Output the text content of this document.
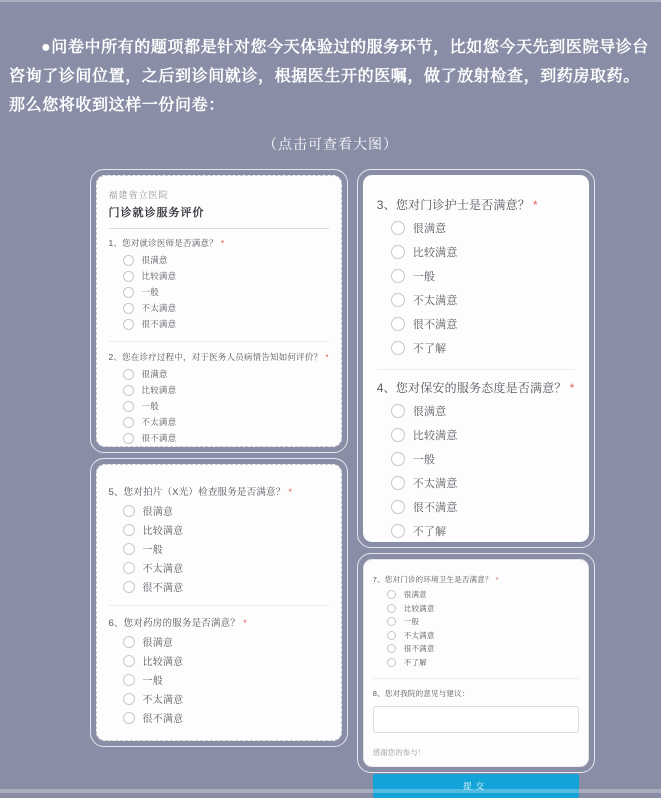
●问卷中所有的题项都是针对您今天体验过的服务环节，比如您今天先到医院导诊台咨询了诊间位置，之后到诊间就诊，根据医生开的医嘱，做了放射检查，到药房取药。那么您将收到这样一份问卷：

（点击可查看大图）

福建省立医院
门诊就诊服务评价
1、您对就诊医师是否满意？ *
很满意
比较满意
一般
不太满意
很不满意
2、您在诊疗过程中，对于医务人员病情告知如何评价？ *
很满意
比较满意
一般
不太满意
很不满意
5、您对拍片（X光）检查服务是否满意？ *
很满意
比较满意
一般
不太满意
很不满意
6、您对药房的服务是否满意？ *
很满意
比较满意
一般
不太满意
很不满意
3、您对门诊护士是否满意？ *
很满意
比较满意
一般
不太满意
很不满意
不了解
4、您对保安的服务态度是否满意？ *
很满意
比较满意
一般
不太满意
很不满意
不了解
7、您对门诊的环境卫生是否满意？ *
很满意
比较满意
一般
不太满意
很不满意
不了解
8、您对我院的意见与建议：
感谢您的参与！
提交
